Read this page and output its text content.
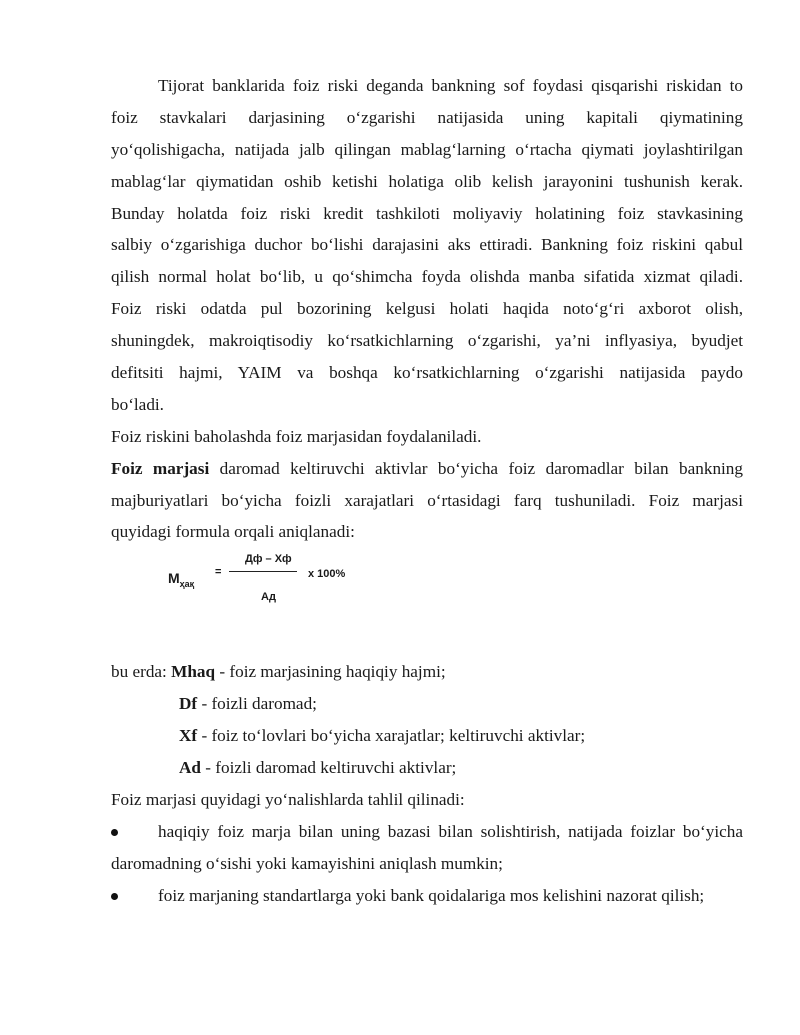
Tijorat banklarida foiz riski deganda bankning sof foydasi qisqarishi riskidan to
foiz stavkalari darjasining o‘zgarishi natijasida uning kapitali qiymatining
yo‘qolishigacha, natijada jalb qilingan mablag‘larning o‘rtacha qiymati joylashtirilgan
mablag‘lar qiymatidan oshib ketishi holatiga olib kelish jarayonini tushunish kerak.
Bunday holatda foiz riski kredit tashkiloti moliyaviy holatining foiz stavkasining
salbiy o‘zgarishiga duchor bo‘lishi darajasini aks ettiradi. Bankning foiz riskini qabul
qilish normal holat bo‘lib, u qo‘shimcha foyda olishda manba sifatida xizmat qiladi.
Foiz riski odatda pul bozorining kelgusi holati haqida noto‘g‘ri axborot olish,
shuningdek, makroiqtisodiy ko‘rsatkichlarning o‘zgarishi, ya’ni inflyasiya, byudjet
defitsiti hajmi, YAIM va boshqa ko‘rsatkichlarning o‘zgarishi natijasida paydo
bo‘ladi.
Foiz riskini baholashda foiz marjasidan foydalaniladi.
Foiz marjasi daromad keltiruvchi aktivlar bo‘yicha foiz daromadlar bilan bankning
majburiyatlari bo‘yicha foizli xarajatlari o‘rtasidagi farq tushuniladi. Foiz marjasi
quyidagi formula orqali aniqlanadi:
$М_{ҳақ}$
=
Дф – Хф
Ад
х 100%
bu erda: Mhaq - foiz marjasining haqiqiy hajmi;
Df - foizli daromad;
Xf - foiz to‘lovlari bo‘yicha xarajatlar; keltiruvchi aktivlar;
Ad - foizli daromad keltiruvchi aktivlar;
Foiz marjasi quyidagi yo‘nalishlarda tahlil qilinadi:
haqiqiy foiz marja bilan uning bazasi bilan solishtirish, natijada foizlar bo‘yicha
daromadning o‘sishi yoki kamayishini aniqlash mumkin;
foiz marjaning standartlarga yoki bank qoidalariga mos kelishini nazorat qilish;
